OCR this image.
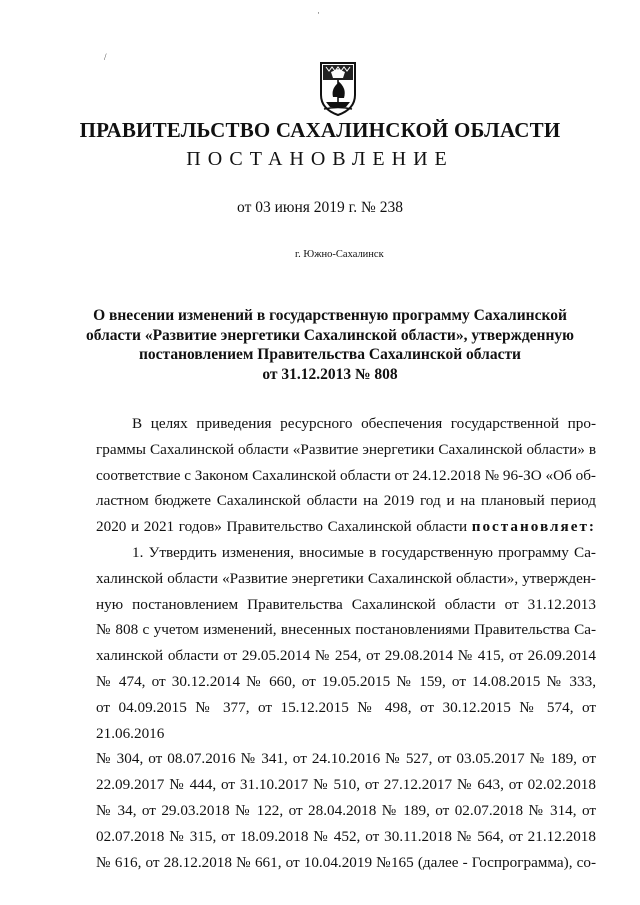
/
·
ПРАВИТЕЛЬСТВО САХАЛИНСКОЙ ОБЛАСТИ
ПОСТАНОВЛЕНИЕ
от 03 июня 2019 г. № 238
г. Южно-Сахалинск
О внесении изменений в государственную программу Сахалинской
области «Развитие энергетики Сахалинской области», утвержденную
постановлением Правительства Сахалинской области
от 31.12.2013 № 808

В целях приведения ресурсного обеспечения государственной про-
граммы Сахалинской области «Развитие энергетики Сахалинской области» в
соответствие с Законом Сахалинской области от 24.12.2018 № 96-ЗО «Об об-
ластном бюджете Сахалинской области на 2019 год и на плановый период
2020 и 2021 годов» Правительство Сахалинской области постановляет:

1. Утвердить изменения, вносимые в государственную программу Са-
халинской области «Развитие энергетики Сахалинской области», утвержден-
ную постановлением Правительства Сахалинской области от 31.12.2013
№ 808 с учетом изменений, внесенных постановлениями Правительства Са-
халинской области от 29.05.2014 № 254, от 29.08.2014 № 415, от 26.09.2014
№ 474, от 30.12.2014 № 660, от 19.05.2015 № 159, от 14.08.2015 № 333,
от 04.09.2015 № 377, от 15.12.2015 № 498, от 30.12.2015 № 574, от 21.06.2016
№ 304, от 08.07.2016 № 341, от 24.10.2016 № 527, от 03.05.2017 № 189, от
22.09.2017 № 444, от 31.10.2017 № 510, от 27.12.2017 № 643, от 02.02.2018
№ 34, от 29.03.2018 № 122, от 28.04.2018 № 189, от 02.07.2018 № 314, от
02.07.2018 № 315, от 18.09.2018 № 452, от 30.11.2018 № 564, от 21.12.2018
№ 616, от 28.12.2018 № 661, от 10.04.2019 №165 (далее - Госпрограмма), со-
